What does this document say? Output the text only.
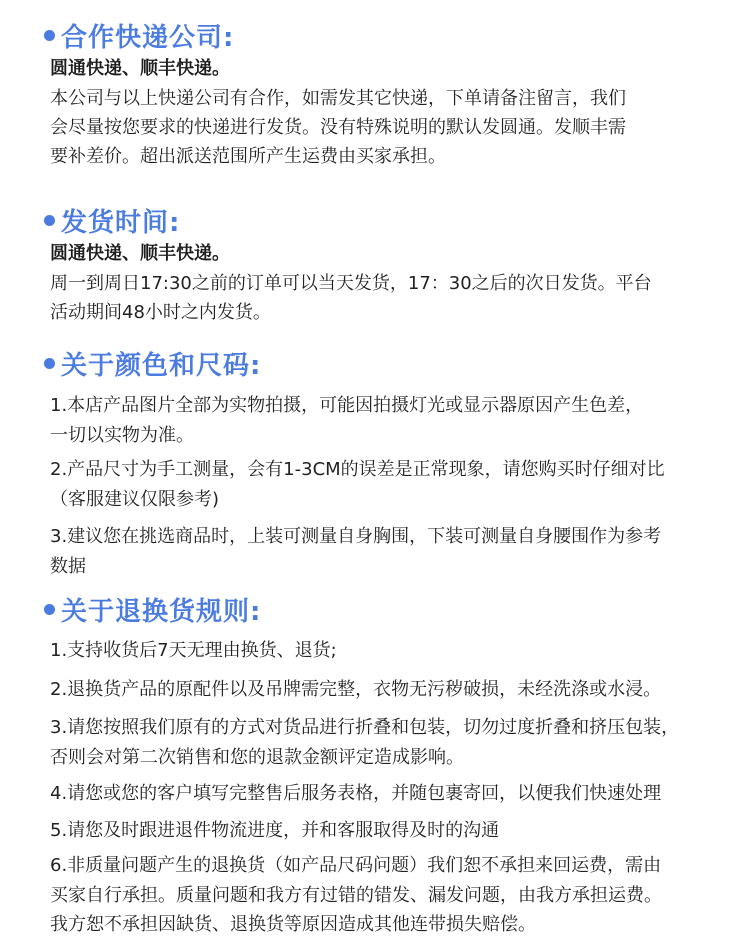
合作快递公司:
圆通快递、顺丰快递。
本公司与以上快递公司有合作，如需发其它快递，下单请备注留言，我们
会尽量按您要求的快递进行发货。没有特殊说明的默认发圆通。发顺丰需
要补差价。超出派送范围所产生运费由买家承担。
发货时间:
圆通快递、顺丰快递。
周一到周日17:30之前的订单可以当天发货，17：30之后的次日发货。平台
活动期间48小时之内发货。
关于颜色和尺码:
1.本店产品图片全部为实物拍摄，可能因拍摄灯光或显示器原因产生色差，
一切以实物为准。
2.产品尺寸为手工测量，会有1-3CM的误差是正常现象，请您购买时仔细对比
（客服建议仅限参考)
3.建议您在挑选商品时，上装可测量自身胸围，下装可测量自身腰围作为参考
数据
关于退换货规则:
1.支持收货后7天无理由换货、退货;
2.退换货产品的原配件以及吊牌需完整，衣物无污秽破损，未经洗涤或水浸。
3.请您按照我们原有的方式对货品进行折叠和包装，切勿过度折叠和挤压包装，
否则会对第二次销售和您的退款金额评定造成影响。
4.请您或您的客户填写完整售后服务表格，并随包裹寄回，以便我们快速处理
5.请您及时跟进退件物流进度，并和客服取得及时的沟通
6.非质量问题产生的退换货（如产品尺码问题）我们恕不承担来回运费，需由
买家自行承担。质量问题和我方有过错的错发、漏发问题，由我方承担运费。
我方恕不承担因缺货、退换货等原因造成其他连带损失赔偿。
